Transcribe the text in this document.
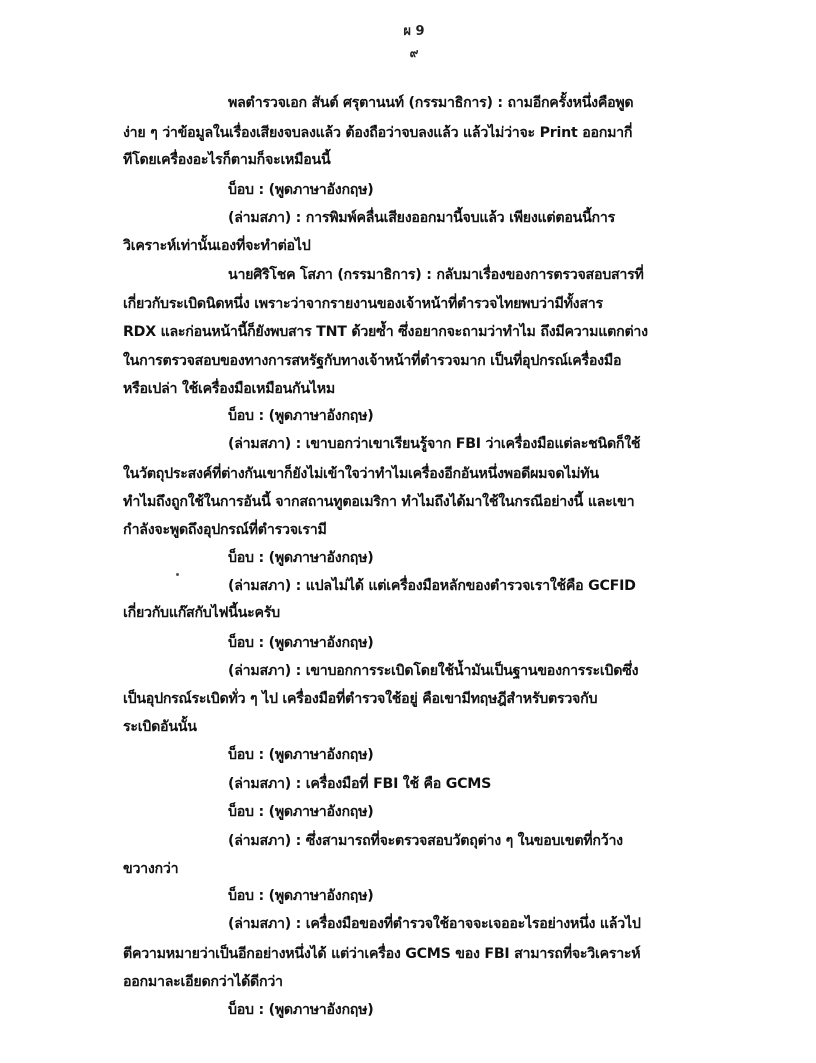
ผ 9
๙
พลตำรวจเอก สันต์ ศรุตานนท์ (กรรมาธิการ) : ถามอีกครั้งหนึ่งคือพูด
ง่าย ๆ ว่าข้อมูลในเรื่องเสียงจบลงแล้ว ต้องถือว่าจบลงแล้ว แล้วไม่ว่าจะ Print ออกมากี่
ทีโดยเครื่องอะไรก็ตามก็จะเหมือนนี้
บ็อบ : (พูดภาษาอังกฤษ)
(ล่ามสภา) : การพิมพ์คลื่นเสียงออกมานี้จบแล้ว เพียงแต่ตอนนี้การ
วิเคราะห์เท่านั้นเองที่จะทำต่อไป
นายศิริโชค โสภา (กรรมาธิการ) : กลับมาเรื่องของการตรวจสอบสารที่
เกี่ยวกับระเบิดนิดหนึ่ง เพราะว่าจากรายงานของเจ้าหน้าที่ตำรวจไทยพบว่ามีทั้งสาร
RDX และก่อนหน้านี้ก็ยังพบสาร TNT ด้วยซ้ำ ซึ่งอยากจะถามว่าทำไม ถึงมีความแตกต่าง
ในการตรวจสอบของทางการสหรัฐกับทางเจ้าหน้าที่ตำรวจมาก เป็นที่อุปกรณ์เครื่องมือ
หรือเปล่า ใช้เครื่องมือเหมือนกันไหม
บ็อบ : (พูดภาษาอังกฤษ)
(ล่ามสภา) : เขาบอกว่าเขาเรียนรู้จาก FBI ว่าเครื่องมือแต่ละชนิดก็ใช้
ในวัตถุประสงค์ที่ต่างกันเขาก็ยังไม่เข้าใจว่าทำไมเครื่องอีกอันหนึ่งพอดีผมจดไม่ทัน
ทำไมถึงถูกใช้ในการอันนี้ จากสถานทูตอเมริกา ทำไมถึงได้มาใช้ในกรณีอย่างนี้ และเขา
กำลังจะพูดถึงอุปกรณ์ที่ตำรวจเรามี
บ็อบ : (พูดภาษาอังกฤษ)
(ล่ามสภา) : แปลไม่ได้ แต่เครื่องมือหลักของตำรวจเราใช้คือ GCFID
เกี่ยวกับแก๊สกับไฟนี้นะครับ
บ็อบ : (พูดภาษาอังกฤษ)
(ล่ามสภา) : เขาบอกการระเบิดโดยใช้น้ำมันเป็นฐานของการระเบิดซึ่ง
เป็นอุปกรณ์ระเบิดทั่ว ๆ ไป เครื่องมือที่ตำรวจใช้อยู่ คือเขามีทฤษฎีสำหรับตรวจกับ
ระเบิดอันนั้น
บ็อบ : (พูดภาษาอังกฤษ)
(ล่ามสภา) : เครื่องมือที่ FBI ใช้ คือ GCMS
บ็อบ : (พูดภาษาอังกฤษ)
(ล่ามสภา) : ซึ่งสามารถที่จะตรวจสอบวัตถุต่าง ๆ ในขอบเขตที่กว้าง
ขวางกว่า
บ็อบ : (พูดภาษาอังกฤษ)
(ล่ามสภา) : เครื่องมือของที่ตำรวจใช้อาจจะเจออะไรอย่างหนึ่ง แล้วไป
ตีความหมายว่าเป็นอีกอย่างหนึ่งได้ แต่ว่าเครื่อง GCMS ของ FBI สามารถที่จะวิเคราะห์
ออกมาละเอียดกว่าได้ดีกว่า
บ็อบ : (พูดภาษาอังกฤษ)
